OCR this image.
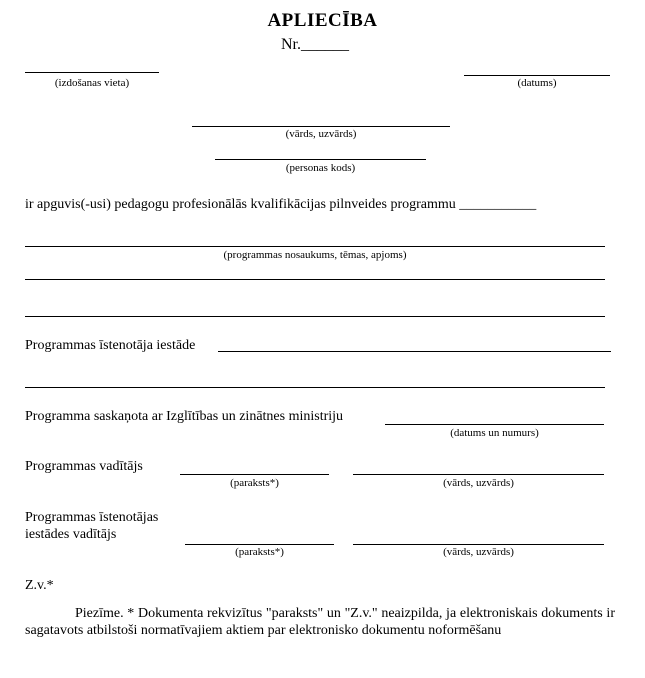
APLIECĪBA
Nr.______
(izdošanas vieta)	(datums)
(vārds, uzvārds)
(personas kods)
ir apguvis(-usi) pedagogu profesionālās kvalifikācijas pilnveides programmu ___________
(programmas nosaukums, tēmas, apjoms)
Programmas īstenotāja iestāde
Programma saskaņota ar Izglītības un zinātnes ministriju
(datums un numurs)
Programmas vadītājs
(paraksts*)	(vārds, uzvārds)
Programmas īstenotājas
iestādes vadītājs
(paraksts*)	(vārds, uzvārds)
Z.v.*
Piezīme. * Dokumenta rekvizītus "paraksts" un "Z.v." neaizpilda, ja elektroniskais dokuments ir sagatavots atbilstoši normatīvajiem aktiem par elektronisko dokumentu noformēšanu
